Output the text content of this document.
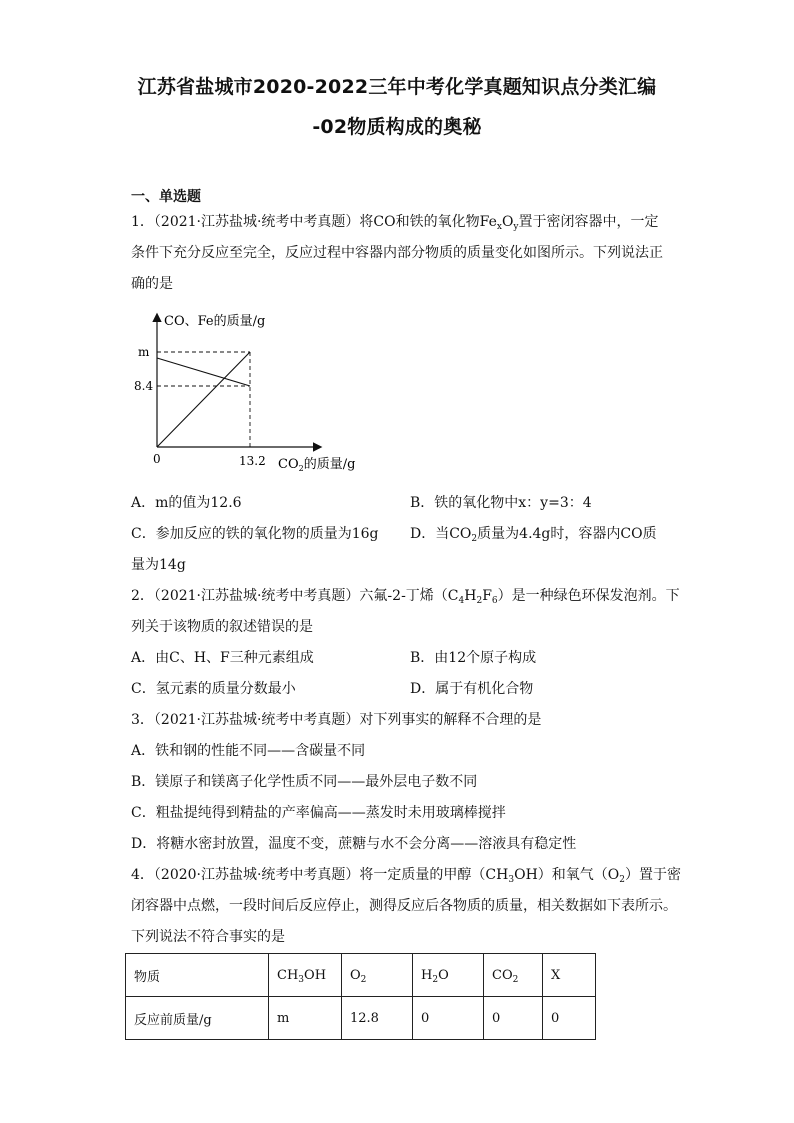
江苏省盐城市2020-2022三年中考化学真题知识点分类汇编
-02物质构成的奥秘
一、单选题
1．（2021·江苏盐城·统考中考真题）将CO和铁的氧化物$Fe_xO_y$置于密闭容器中，一定
条件下充分反应至完全，反应过程中容器内部分物质的质量变化如图所示。下列说法正
确的是
CO、Fe的质量/g
m
8.4
0	13.2 $CO_2$的质量/g
A．m的值为12.6	B．铁的氧化物中x：y=3：4
C．参加反应的铁的氧化物的质量为16g D．当$CO_2$质量为4.4g时，容器内CO质
量为14g
2．（2021·江苏盐城·统考中考真题）六氟-2-丁烯$(C_4H_2F_6)$是一种绿色环保发泡剂。下
列关于该物质的叙述错误的是
A．由C、H、F三种元素组成	B．由12个原子构成
C．氢元素的质量分数最小	D．属于有机化合物
3．（2021·江苏盐城·统考中考真题）对下列事实的解释不合理的是
A．铁和钢的性能不同——含碳量不同
B．镁原子和镁离子化学性质不同——最外层电子数不同
C．粗盐提纯得到精盐的产率偏高——蒸发时未用玻璃棒搅拌
D．将糖水密封放置，温度不变，蔗糖与水不会分离——溶液具有稳定性
4．（2020·江苏盐城·统考中考真题）将一定质量的甲醇$(CH_3OH)$和氧气$(O_2)$置于密
闭容器中点燃，一段时间后反应停止，测得反应后各物质的质量，相关数据如下表所示。
下列说法不符合事实的是
物质	$CH_3OH$	$O_2$	$H_2O$	$CO_2$	X
反应前质量/g	m	12.8	0	0	0
